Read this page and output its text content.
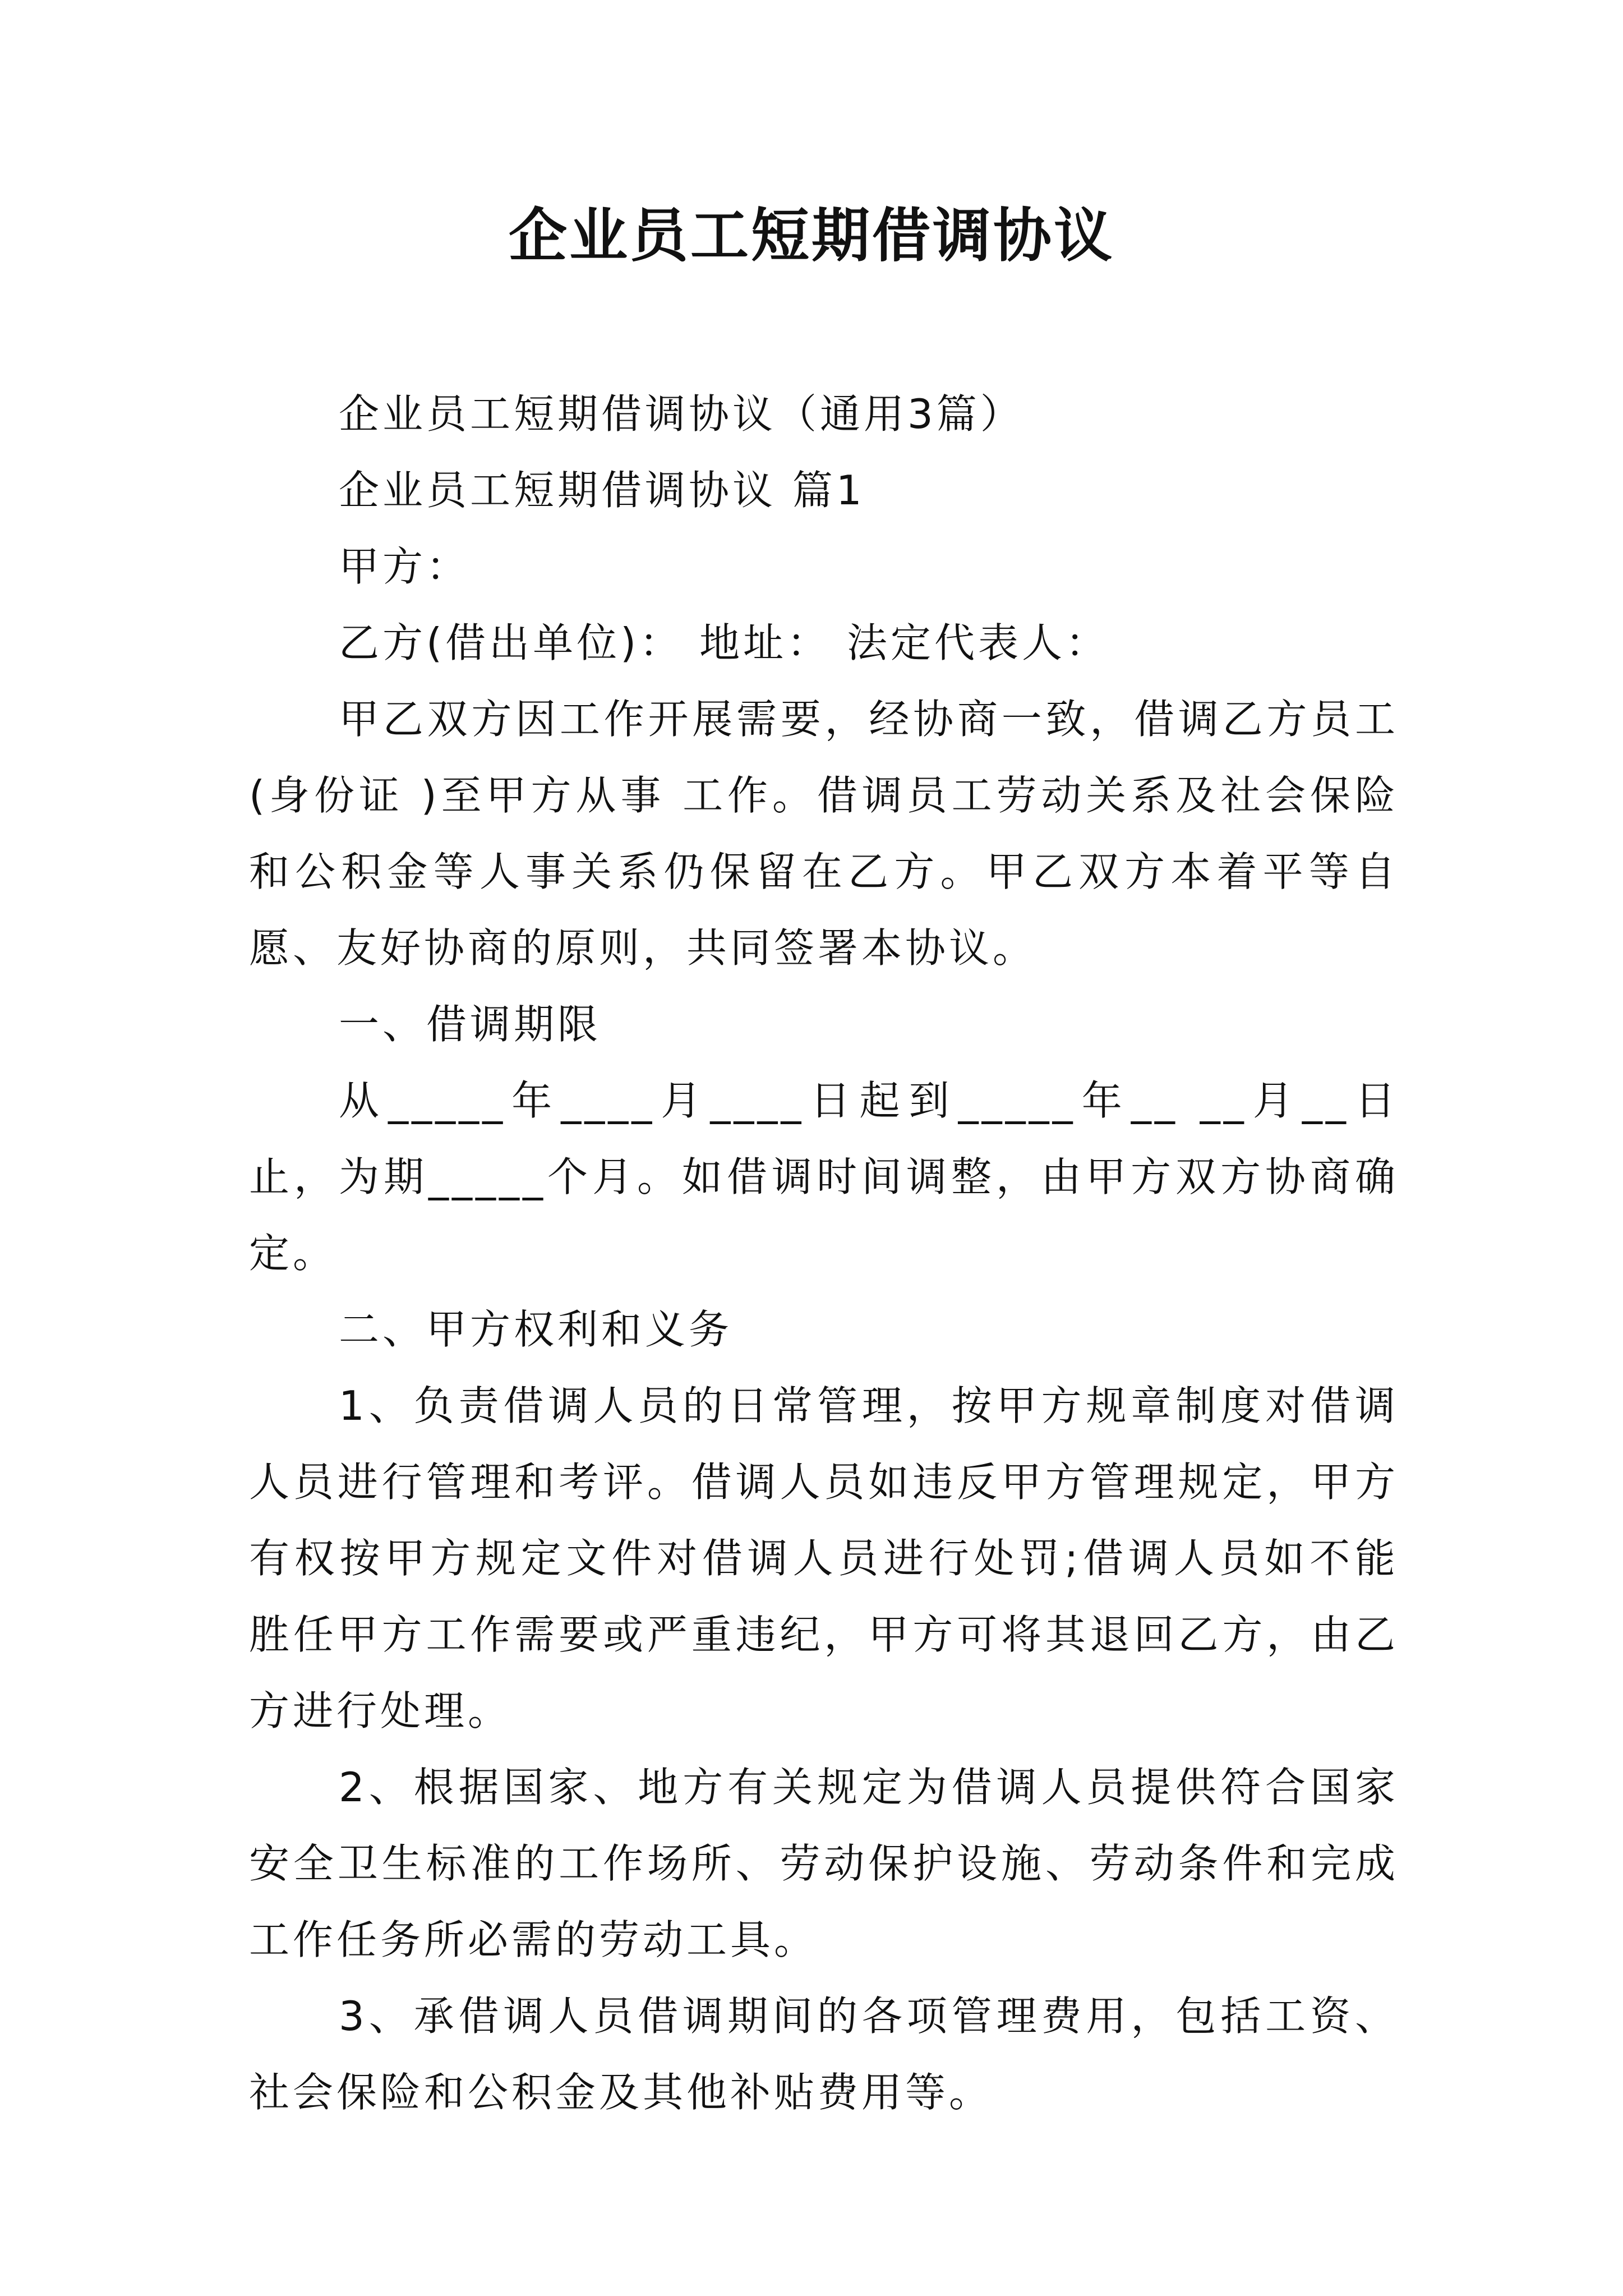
企业员工短期借调协议

企业员工短期借调协议（通用3篇）

企业员工短期借调协议 篇1

甲方：

乙方(借出单位)： 地址： 法定代表人：

甲乙双方因工作开展需要，经协商一致，借调乙方员工(身份证 )至甲方从事 工作。借调员工劳动关系及社会保险和公积金等人事关系仍保留在乙方。甲乙双方本着平等自愿、友好协商的原则，共同签署本协议。

一、借调期限

从_____年____月____日起到_____年__ __月__日止，为期_____个月。如借调时间调整，由甲方双方协商确定。

二、甲方权利和义务

1、负责借调人员的日常管理，按甲方规章制度对借调人员进行管理和考评。借调人员如违反甲方管理规定，甲方有权按甲方规定文件对借调人员进行处罚;借调人员如不能胜任甲方工作需要或严重违纪，甲方可将其退回乙方，由乙方进行处理。

2、根据国家、地方有关规定为借调人员提供符合国家安全卫生标准的工作场所、劳动保护设施、劳动条件和完成工作任务所必需的劳动工具。

3、承借调人员借调期间的各项管理费用，包括工资、社会保险和公积金及其他补贴费用等。
